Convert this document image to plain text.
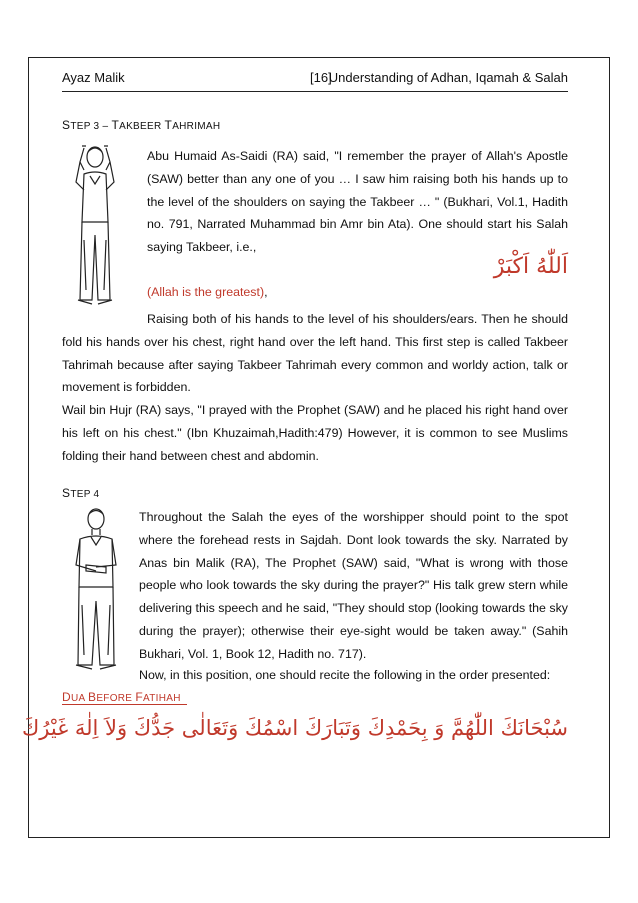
Ayaz Malik	[16]
Understanding of Adhan, Iqamah & Salah
STEP 3 – TAKBEER TAHRIMAH
Abu Humaid As-Saidi (RA) said, "I remember the prayer of Allah's Apostle (SAW) better than any one of you … I saw him raising both his hands up to the level of the shoulders on saying the Takbeer … " (Bukhari, Vol.1, Hadith no. 791, Narrated Muhammad bin Amr bin Ata). One should start his Salah saying Takbeer, i.e.,
اَللّٰهُ اَكْبَرْ
(Allah is the greatest),
Raising both of his hands to the level of his shoulders/ears. Then he should fold his hands over his chest, right hand over the left hand. This first step is called Takbeer Tahrimah because after saying Takbeer Tahrimah every common and worldy action, talk or movement is forbidden.
Wail bin Hujr (RA) says, "I prayed with the Prophet (SAW) and he placed his right hand over his left on his chest." (Ibn Khuzaimah,Hadith:479) However, it is common to see Muslims folding their hand between chest and abdomin.
STEP 4
Throughout the Salah the eyes of the worshipper should point to the spot where the forehead rests in Sajdah. Dont look towards the sky. Narrated by Anas bin Malik (RA), The Prophet (SAW) said, "What is wrong with those people who look towards the sky during the prayer?" His talk grew stern while delivering this speech and he said, "They should stop (looking towards the sky during the prayer); otherwise their eye-sight would be taken away." (Sahih Bukhari, Vol. 1, Book 12, Hadith no. 717).
Now, in this position, one should recite the following in the order presented:
DUA BEFORE FATIHAH
سُبْحَانَكَ اللّٰهُمَّ وَ بِحَمْدِكَ وَتَبَارَكَ اسْمُكَ وَتَعَالٰى جَدُّكَ وَلاَ اِلٰهَ غَيْرُكَ
